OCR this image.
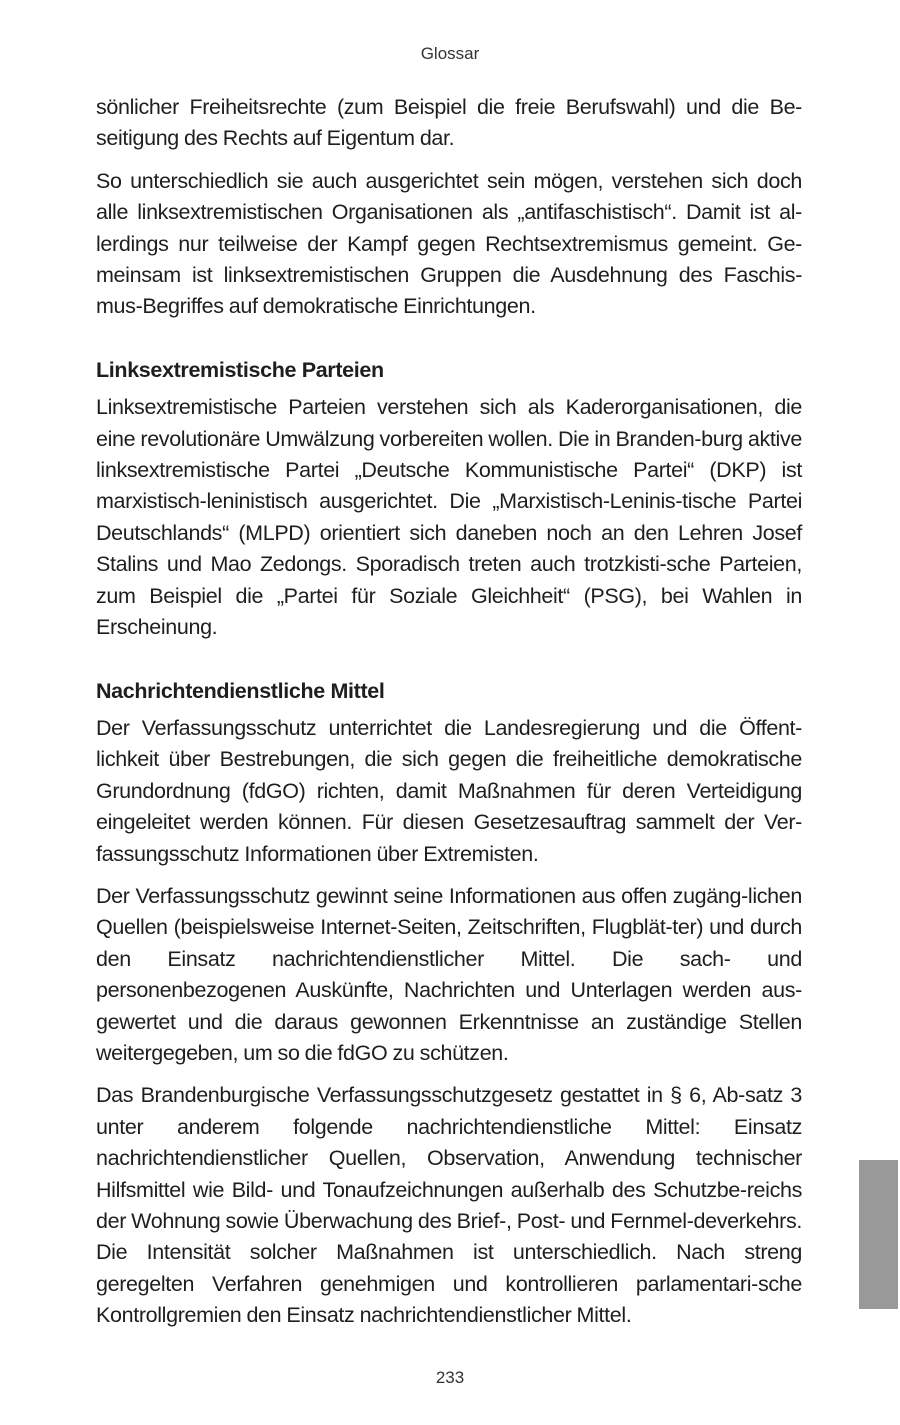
Glossar

sönlicher Freiheitsrechte (zum Beispiel die freie Berufswahl) und die Be-seitigung des Rechts auf Eigentum dar.

So unterschiedlich sie auch ausgerichtet sein mögen, verstehen sich doch alle linksextremistischen Organisationen als „antifaschistisch“. Damit ist al-lerdings nur teilweise der Kampf gegen Rechtsextremismus gemeint. Ge-meinsam ist linksextremistischen Gruppen die Ausdehnung des Faschis-mus-Begriffes auf demokratische Einrichtungen.

Linksextremistische Parteien

Linksextremistische Parteien verstehen sich als Kaderorganisationen, die eine revolutionäre Umwälzung vorbereiten wollen. Die in Branden-burg aktive linksextremistische Partei „Deutsche Kommunistische Partei“ (DKP) ist marxistisch-leninistisch ausgerichtet. Die „Marxistisch-Leninis-tische Partei Deutschlands“ (MLPD) orientiert sich daneben noch an den Lehren Josef Stalins und Mao Zedongs. Sporadisch treten auch trotzkisti-sche Parteien, zum Beispiel die „Partei für Soziale Gleichheit“ (PSG), bei Wahlen in Erscheinung.

Nachrichtendienstliche Mittel

Der Verfassungsschutz unterrichtet die Landesregierung und die Öffent-lichkeit über Bestrebungen, die sich gegen die freiheitliche demokratische Grundordnung (fdGO) richten, damit Maßnahmen für deren Verteidigung eingeleitet werden können. Für diesen Gesetzesauftrag sammelt der Ver-fassungsschutz Informationen über Extremisten.

Der Verfassungsschutz gewinnt seine Informationen aus offen zugäng-lichen Quellen (beispielsweise Internet-Seiten, Zeitschriften, Flugblät-ter) und durch den Einsatz nachrichtendienstlicher Mittel. Die sach- und personenbezogenen Auskünfte, Nachrichten und Unterlagen werden aus-gewertet und die daraus gewonnen Erkenntnisse an zuständige Stellen weitergegeben, um so die fdGO zu schützen.

Das Brandenburgische Verfassungsschutzgesetz gestattet in § 6, Ab-satz 3 unter anderem folgende nachrichtendienstliche Mittel: Einsatz nachrichtendienstlicher Quellen, Observation, Anwendung technischer Hilfsmittel wie Bild- und Tonaufzeichnungen außerhalb des Schutzbe-reichs der Wohnung sowie Überwachung des Brief-, Post- und Fernmel-deverkehrs. Die Intensität solcher Maßnahmen ist unterschiedlich. Nach streng geregelten Verfahren genehmigen und kontrollieren parlamentari-sche Kontrollgremien den Einsatz nachrichtendienstlicher Mittel.

233
